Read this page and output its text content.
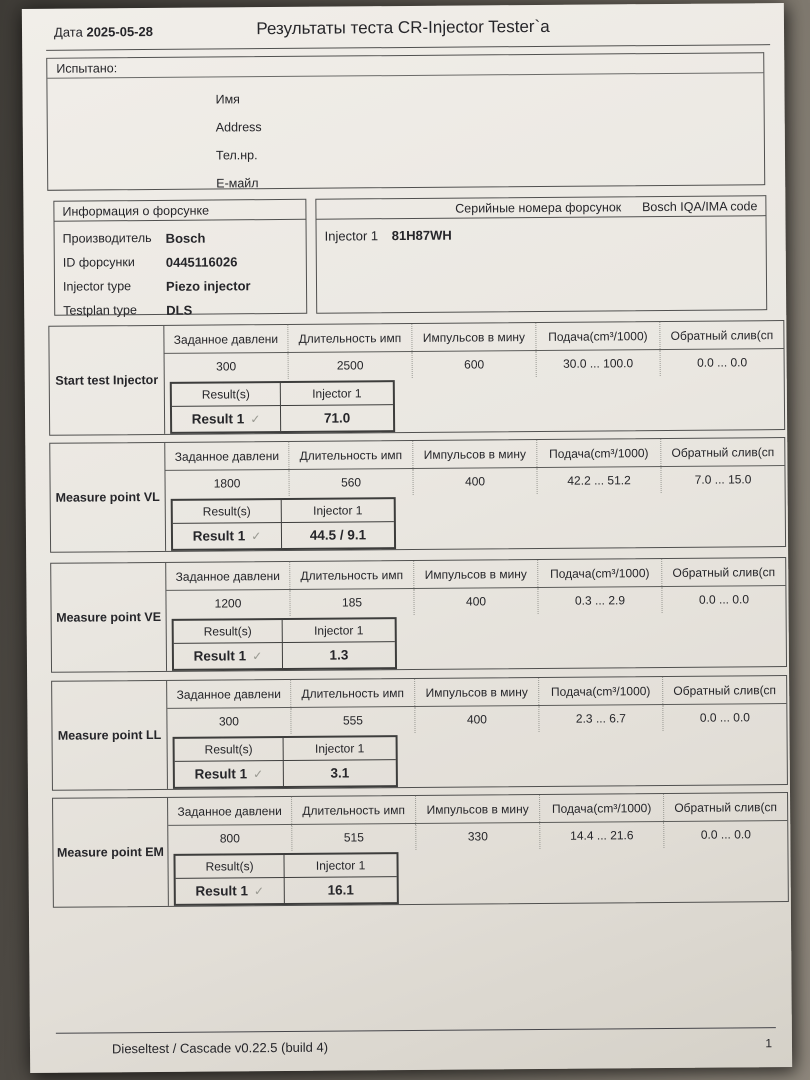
Дата 2025-05-28	Результаты теста CR-Injector Tester`a
Испытано:
Имя
Address
Тел.нр.
Е-майл
Информация о форсунке
Производитель	Bosch
ID форсунки	0445116026
Injector type	Piezo injector
Testplan type	DLS
Серийные номера форсунок	Bosch IQA/IMA code
Injector 1 81H87WH
Start test Injector
Заданное давлени	Длительность имп	Импульсов в мину	Подача(cm³/1000)	Обратный слив(сп
300	2500	600	30.0 ... 100.0	0.0 ... 0.0
Result(s)	Injector 1
Result 1 ✓	71.0
Measure point VL
Заданное давлени	Длительность имп	Импульсов в мину	Подача(cm³/1000)	Обратный слив(сп
1800	560	400	42.2 ... 51.2	7.0 ... 15.0
Result(s)	Injector 1
Result 1 ✓	44.5 / 9.1
Measure point VE
Заданное давлени	Длительность имп	Импульсов в мину	Подача(cm³/1000)	Обратный слив(сп
1200	185	400	0.3 ... 2.9	0.0 ... 0.0
Result(s)	Injector 1
Result 1 ✓	1.3
Measure point LL
Заданное давлени	Длительность имп	Импульсов в мину	Подача(cm³/1000)	Обратный слив(сп
300	555	400	2.3 ... 6.7	0.0 ... 0.0
Result(s)	Injector 1
Result 1 ✓	3.1
Measure point EM
Заданное давлени	Длительность имп	Импульсов в мину	Подача(cm³/1000)	Обратный слив(сп
800	515	330	14.4 ... 21.6	0.0 ... 0.0
Result(s)	Injector 1
Result 1 ✓	16.1
Dieseltest / Cascade v0.22.5 (build 4)	1
